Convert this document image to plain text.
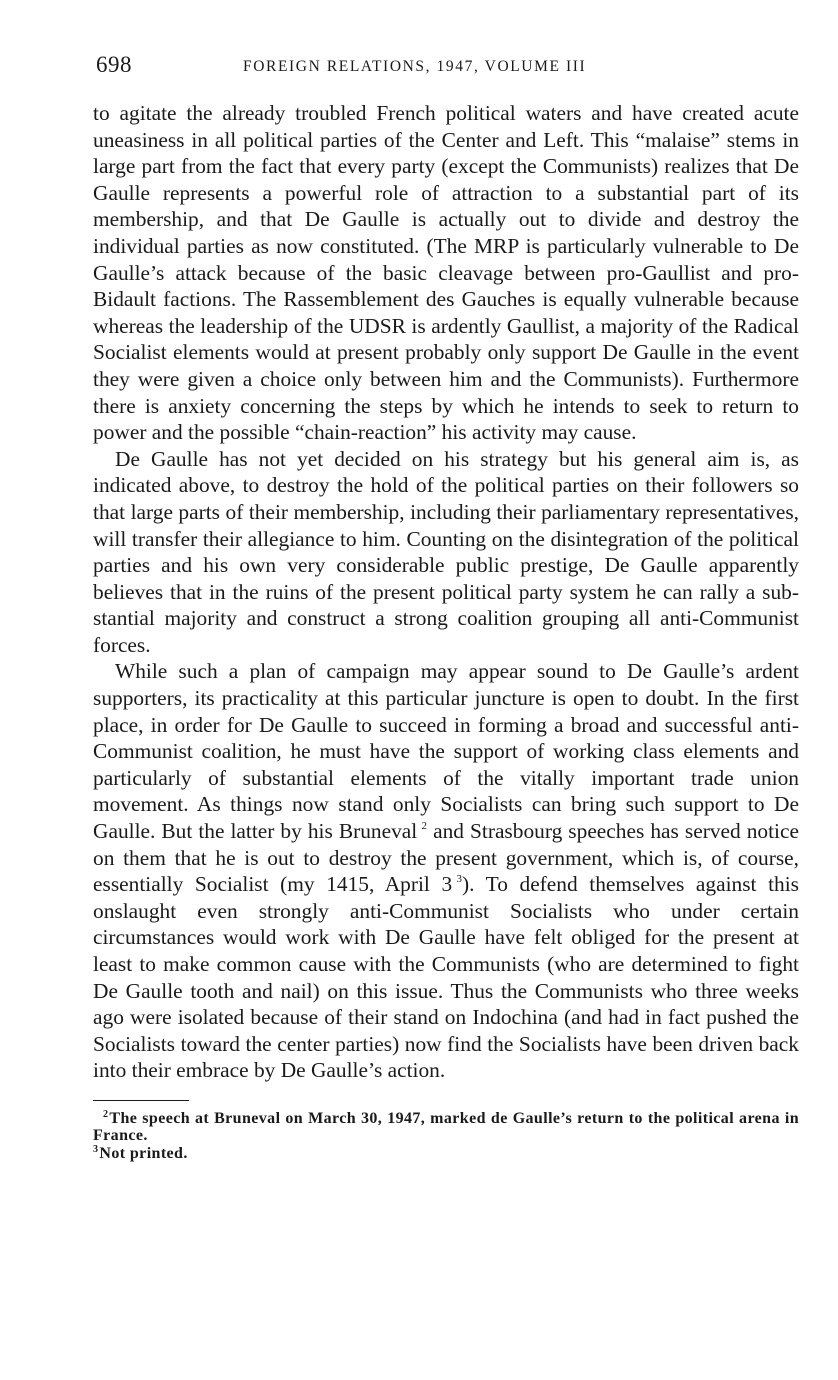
698	FOREIGN RELATIONS, 1947, VOLUME III

to agitate the already troubled French political waters and have created acute uneasiness in all political parties of the Center and Left. This “malaise” stems in large part from the fact that every party (except the Communists) realizes that De Gaulle represents a powerful role of attraction to a substantial part of its membership, and that De Gaulle is actually out to divide and destroy the individual parties as now constituted. (The MRP is particularly vulnerable to De Gaulle’s attack because of the basic cleavage between pro-Gaullist and pro-Bidault factions. The Rassemblement des Gauches is equally vulnerable because whereas the leadership of the UDSR is ardently Gaullist, a majority of the Radical Socialist elements would at present probably only support De Gaulle in the event they were given a choice only between him and the Communists). Furthermore there is anxiety concerning the steps by which he intends to seek to return to power and the possible “chain-reaction” his activity may cause.

De Gaulle has not yet decided on his strategy but his general aim is, as indicated above, to destroy the hold of the political parties on their followers so that large parts of their membership, including their parliamentary representatives, will transfer their allegiance to him. Counting on the disintegration of the political parties and his own very considerable public prestige, De Gaulle apparently believes that in the ruins of the present political party system he can rally a substantial majority and construct a strong coalition grouping all anti-Communist forces.

While such a plan of campaign may appear sound to De Gaulle’s ardent supporters, its practicality at this particular juncture is open to doubt. In the first place, in order for De Gaulle to succeed in forming a broad and successful anti-Communist coalition, he must have the support of working class elements and particularly of substantial elements of the vitally important trade union movement. As things now stand only Socialists can bring such support to De Gaulle. But the latter by his Bruneval  $^2$ and Strasbourg speeches has served notice on them that he is out to destroy the present government, which is, of course, essentially Socialist (my 1415, April 3  $^3$). To defend themselves against this onslaught even strongly anti-Communist Socialists who under certain circumstances would work with De Gaulle have felt obliged for the present at least to make common cause with the Communists (who are determined to fight De Gaulle tooth and nail) on this issue. Thus the Communists who three weeks ago were isolated because of their stand on Indochina (and had in fact pushed the Socialists toward the center parties) now find the Socialists have been driven back into their embrace by De Gaulle’s action.

$^2$The speech at Bruneval on March 30, 1947, marked de Gaulle’s return to the political arena in France.

$^3$Not printed.
